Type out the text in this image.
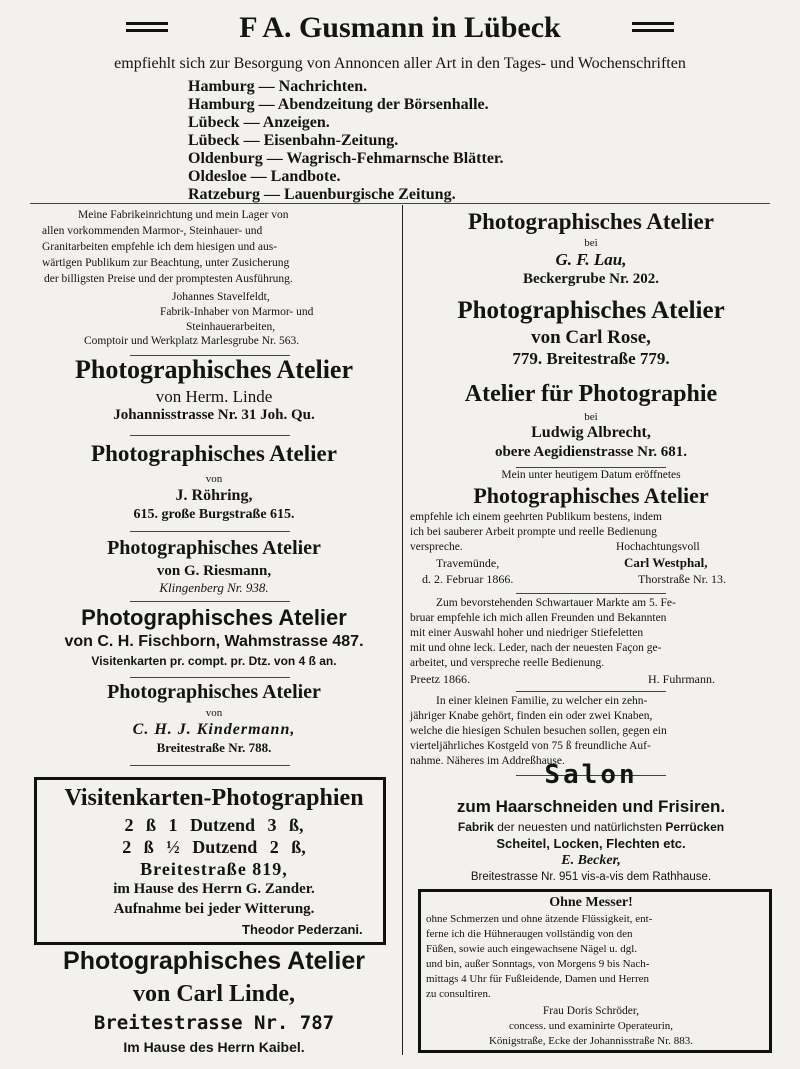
F A. Gusmann in Lübeck
empfiehlt sich zur Besorgung von Annoncen aller Art in den Tages- und Wochenschriften
Hamburg — Nachrichten.
Hamburg — Abendzeitung der Börsenhalle.
Lübeck — Anzeigen.
Lübeck — Eisenbahn-Zeitung.
Oldenburg — Wagrisch-Fehmarnsche Blätter.
Oldesloe — Landbote.
Ratzeburg — Lauenburgische Zeitung.
Meine Fabrikeinrichtung und mein Lager von
allen vorkommenden Marmor-, Steinhauer- und
Granitarbeiten empfehle ich dem hiesigen und aus-
wärtigen Publikum zur Beachtung, unter Zusicherung
der billigsten Preise und der promptesten Ausführung.
Johannes Stavelfeldt,
Fabrik-Inhaber von Marmor- und
Steinhauerarbeiten,
Comptoir und Werkplatz Marlesgrube Nr. 563.
Photographisches Atelier
von Herm. Linde
Johannisstrasse Nr. 31 Joh. Qu.
Photographisches Atelier
von
J. Röhring,
615. große Burgstraße 615.
Photographisches Atelier
von G. Riesmann,
Klingenberg Nr. 938.
Photographisches Atelier
von C. H. Fischborn, Wahmstrasse 487.
Visitenkarten pr. compt. pr. Dtz. von 4 ß an.
Photographisches Atelier
von
C. H. J. Kindermann,
Breitestraße Nr. 788.
Visitenkarten-Photographien
2 ß 1 Dutzend 3 ß,
2 ß ½ Dutzend 2 ß,
Breitestraße 819,
im Hause des Herrn G. Zander.
Aufnahme bei jeder Witterung.
Theodor Pederzani.
Photographisches Atelier
von Carl Linde,
Breitestrasse Nr. 787
Im Hause des Herrn Kaibel.
Photographisches Atelier
bei
G. F. Lau,
Beckergrube Nr. 202.
Photographisches Atelier
von Carl Rose,
779. Breitestraße 779.
Atelier für Photographie
bei
Ludwig Albrecht,
obere Aegidienstrasse Nr. 681.
Mein unter heutigem Datum eröffnetes
Photographisches Atelier
empfehle ich einem geehrten Publikum bestens, indem
ich bei sauberer Arbeit prompte und reelle Bedienung
verspreche.	Hochachtungsvoll
Travemünde,	Carl Westphal,
d. 2. Februar 1866.	Thorstraße Nr. 13.
Zum bevorstehenden Schwartauer Markte am 5. Fe-
bruar empfehle ich mich allen Freunden und Bekannten
mit einer Auswahl hoher und niedriger Stiefeletten
mit und ohne leck. Leder, nach der neuesten Façon ge-
arbeitet, und verspreche reelle Bedienung.
Preetz 1866.	H. Fuhrmann.
In einer kleinen Familie, zu welcher ein zehn-
jähriger Knabe gehört, finden ein oder zwei Knaben,
welche die hiesigen Schulen besuchen sollen, gegen ein
vierteljährliches Kostgeld von 75 ß freundliche Auf-
nahme. Näheres im Addreßhause.
Salon
zum Haarschneiden und Frisiren.
Fabrik der neuesten und natürlichsten Perrücken
Scheitel, Locken, Flechten etc.
E. Becker,
Breitestrasse Nr. 951 vis-a-vis dem Rathhause.
Ohne Messer!
ohne Schmerzen und ohne ätzende Flüssigkeit, ent-
ferne ich die Hühneraugen vollständig von den
Füßen, sowie auch eingewachsene Nägel u. dgl.
und bin, außer Sonntags, von Morgens 9 bis Nach-
mittags 4 Uhr für Fußleidende, Damen und Herren
zu consultiren.
Frau Doris Schröder,
concess. und examinirte Operateurin,
Königstraße, Ecke der Johannisstraße Nr. 883.
